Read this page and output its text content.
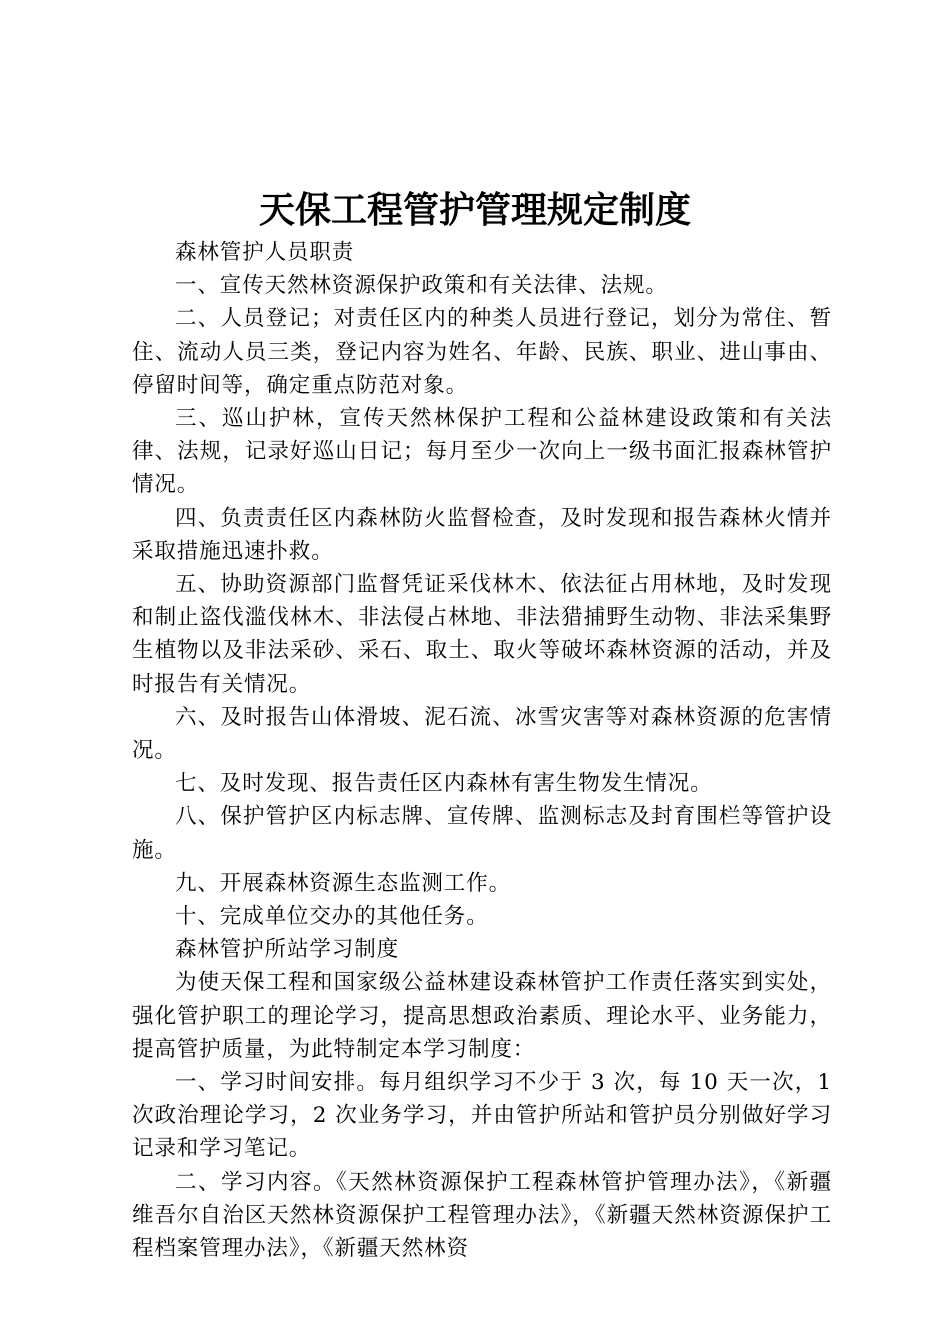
天保工程管护管理规定制度

森林管护人员职责

一、宣传天然林资源保护政策和有关法律、法规。

二、人员登记；对责任区内的种类人员进行登记，划分为常住、暂住、流动人员三类，登记内容为姓名、年龄、民族、职业、进山事由、停留时间等，确定重点防范对象。

三、巡山护林，宣传天然林保护工程和公益林建设政策和有关法律、法规，记录好巡山日记；每月至少一次向上一级书面汇报森林管护情况。

四、负责责任区内森林防火监督检查，及时发现和报告森林火情并采取措施迅速扑救。

五、协助资源部门监督凭证采伐林木、依法征占用林地，及时发现和制止盗伐滥伐林木、非法侵占林地、非法猎捕野生动物、非法采集野生植物以及非法采砂、采石、取土、取火等破坏森林资源的活动，并及时报告有关情况。

六、及时报告山体滑坡、泥石流、冰雪灾害等对森林资源的危害情况。

七、及时发现、报告责任区内森林有害生物发生情况。

八、保护管护区内标志牌、宣传牌、监测标志及封育围栏等管护设施。

九、开展森林资源生态监测工作。

十、完成单位交办的其他任务。

森林管护所站学习制度

为使天保工程和国家级公益林建设森林管护工作责任落实到实处，强化管护职工的理论学习，提高思想政治素质、理论水平、业务能力，提高管护质量，为此特制定本学习制度：

一、学习时间安排。每月组织学习不少于 3 次，每 10 天一次，1 次政治理论学习，2 次业务学习，并由管护所站和管护员分别做好学习记录和学习笔记。

二、学习内容。《天然林资源保护工程森林管护管理办法》，《新疆维吾尔自治区天然林资源保护工程管理办法》，《新疆天然林资源保护工程档案管理办法》，《新疆天然林资
